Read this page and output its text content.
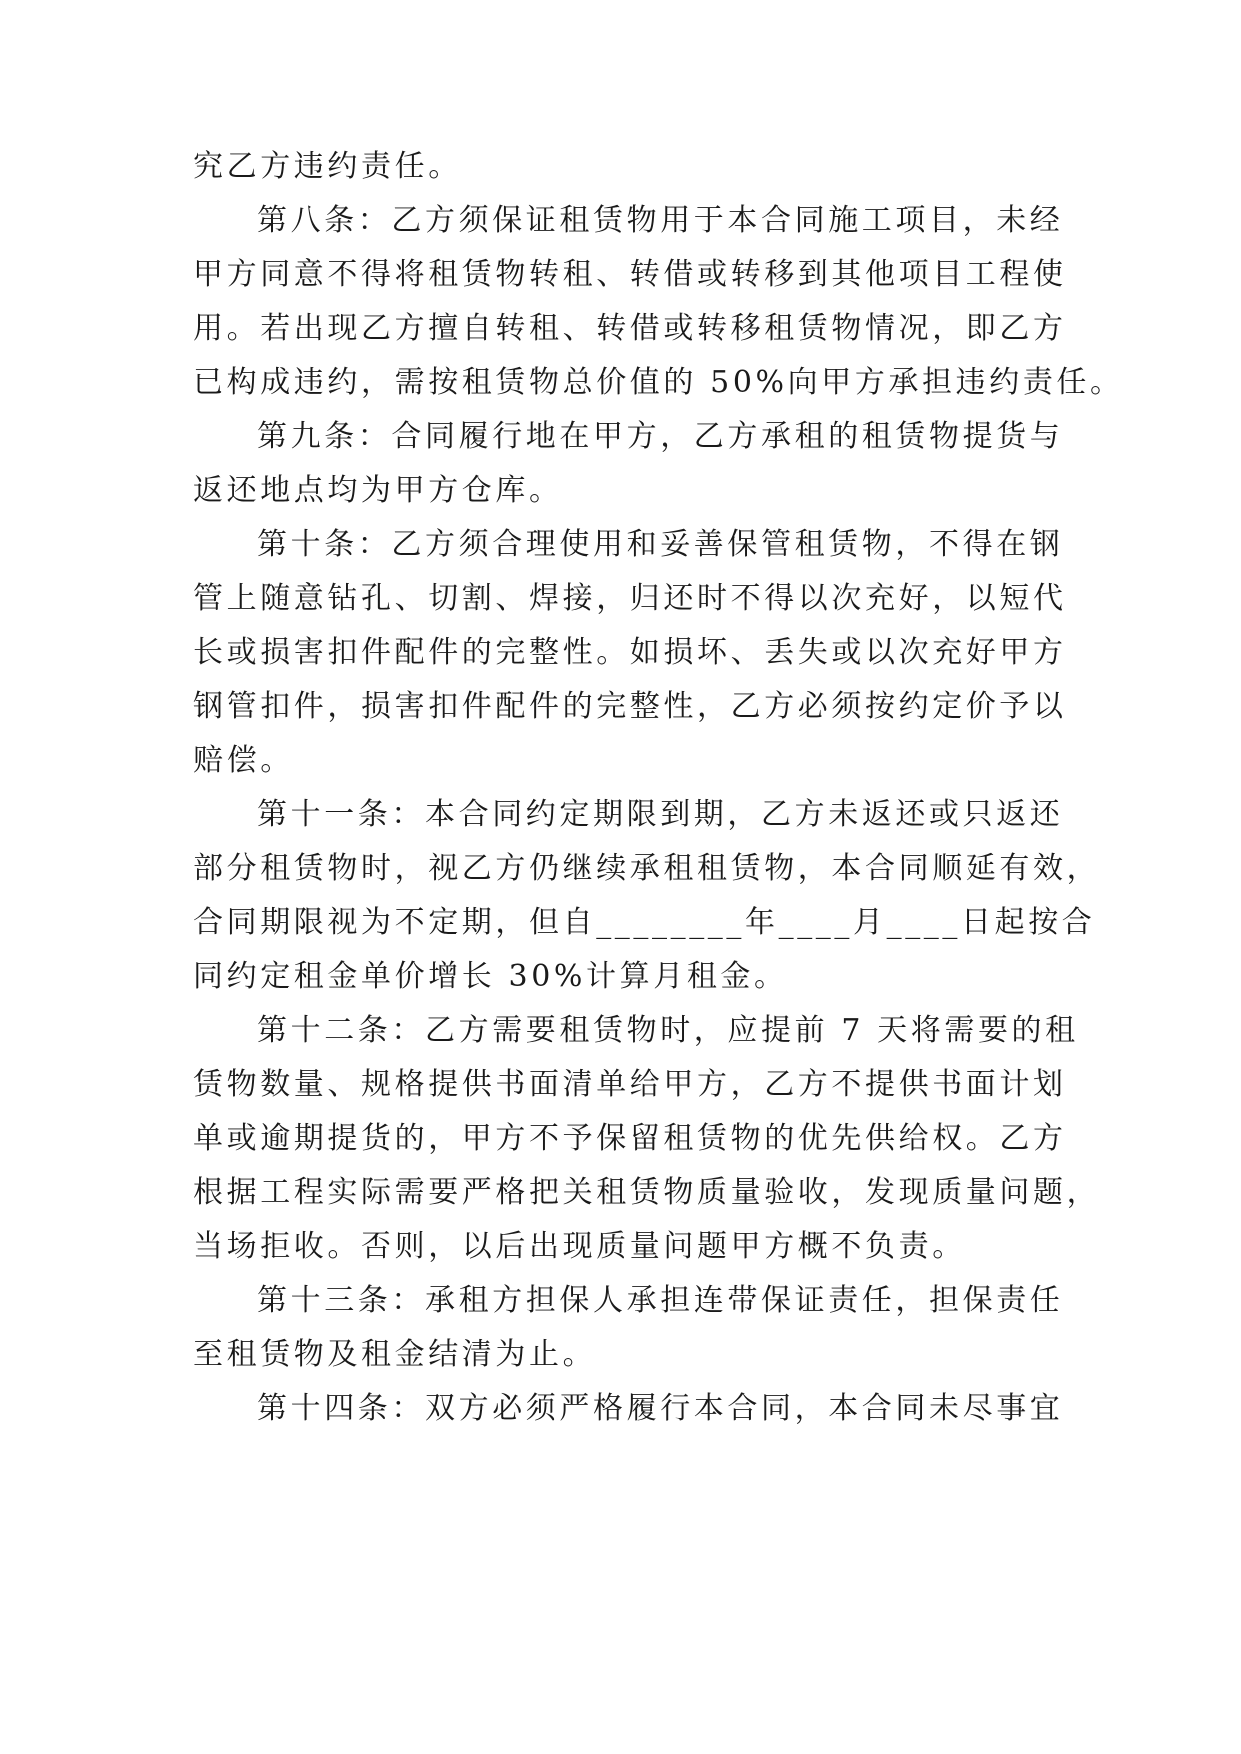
究乙方违约责任。
第八条：乙方须保证租赁物用于本合同施工项目，未经
甲方同意不得将租赁物转租、转借或转移到其他项目工程使
用。若出现乙方擅自转租、转借或转移租赁物情况，即乙方
已构成违约，需按租赁物总价值的 50%向甲方承担违约责任。
第九条：合同履行地在甲方，乙方承租的租赁物提货与
返还地点均为甲方仓库。
第十条：乙方须合理使用和妥善保管租赁物，不得在钢
管上随意钻孔、切割、焊接，归还时不得以次充好，以短代
长或损害扣件配件的完整性。如损坏、丢失或以次充好甲方
钢管扣件，损害扣件配件的完整性，乙方必须按约定价予以
赔偿。
第十一条：本合同约定期限到期，乙方未返还或只返还
部分租赁物时，视乙方仍继续承租租赁物，本合同顺延有效，
合同期限视为不定期，但自________年____月____日起按合
同约定租金单价增长 30%计算月租金。
第十二条：乙方需要租赁物时，应提前 7 天将需要的租
赁物数量、规格提供书面清单给甲方，乙方不提供书面计划
单或逾期提货的，甲方不予保留租赁物的优先供给权。乙方
根据工程实际需要严格把关租赁物质量验收，发现质量问题，
当场拒收。否则，以后出现质量问题甲方概不负责。
第十三条：承租方担保人承担连带保证责任，担保责任
至租赁物及租金结清为止。
第十四条：双方必须严格履行本合同，本合同未尽事宜
